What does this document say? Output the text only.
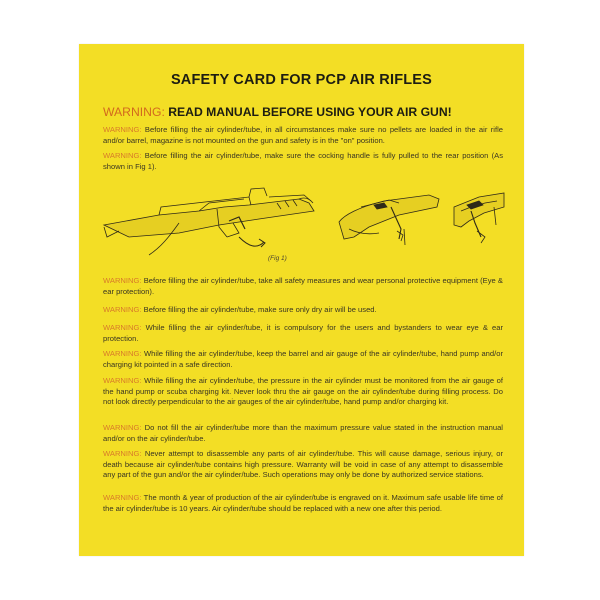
SAFETY CARD FOR PCP AIR RIFLES
WARNING: READ MANUAL BEFORE USING YOUR AIR GUN!
WARNING: Before filling the air cylinder/tube, in all circumstances make sure no pellets are loaded in the air rifle and/or barrel, magazine is not mounted on the gun and safety is in the "on" position.
WARNING: Before filling the air cylinder/tube, make sure the cocking handle is fully pulled to the rear position (As shown in Fig 1).
(Fig 1)
WARNING: Before filling the air cylinder/tube, take all safety measures and wear personal protective equipment (Eye & ear protection).
WARNING: Before filling the air cylinder/tube, make sure only dry air will be used.
WARNING: While filling the air cylinder/tube, it is compulsory for the users and bystanders to wear eye & ear protection.
WARNING: While filling the air cylinder/tube, keep the barrel and air gauge of the air cylinder/tube, hand pump and/or charging kit pointed in a safe direction.
WARNING: While filling the air cylinder/tube, the pressure in the air cylinder must be monitored from the air gauge of the hand pump or scuba charging kit. Never look thru the air gauge on the air cylinder/tube during filling process. Do not look directly perpendicular to the air gauges of the air cylinder/tube, hand pump and/or charging kit.
WARNING: Do not fill the air cylinder/tube more than the maximum pressure value stated in the instruction manual and/or on the air cylinder/tube.
WARNING: Never attempt to disassemble any parts of air cylinder/tube. This will cause damage, serious injury, or death because air cylinder/tube contains high pressure. Warranty will be void in case of any attempt to disassemble any part of the gun and/or the air cylinder/tube. Such operations may only be done by authorized service stations.
WARNING: The month & year of production of the air cylinder/tube is engraved on it. Maximum safe usable life time of the air cylinder/tube is 10 years. Air cylinder/tube should be replaced with a new one after this period.
